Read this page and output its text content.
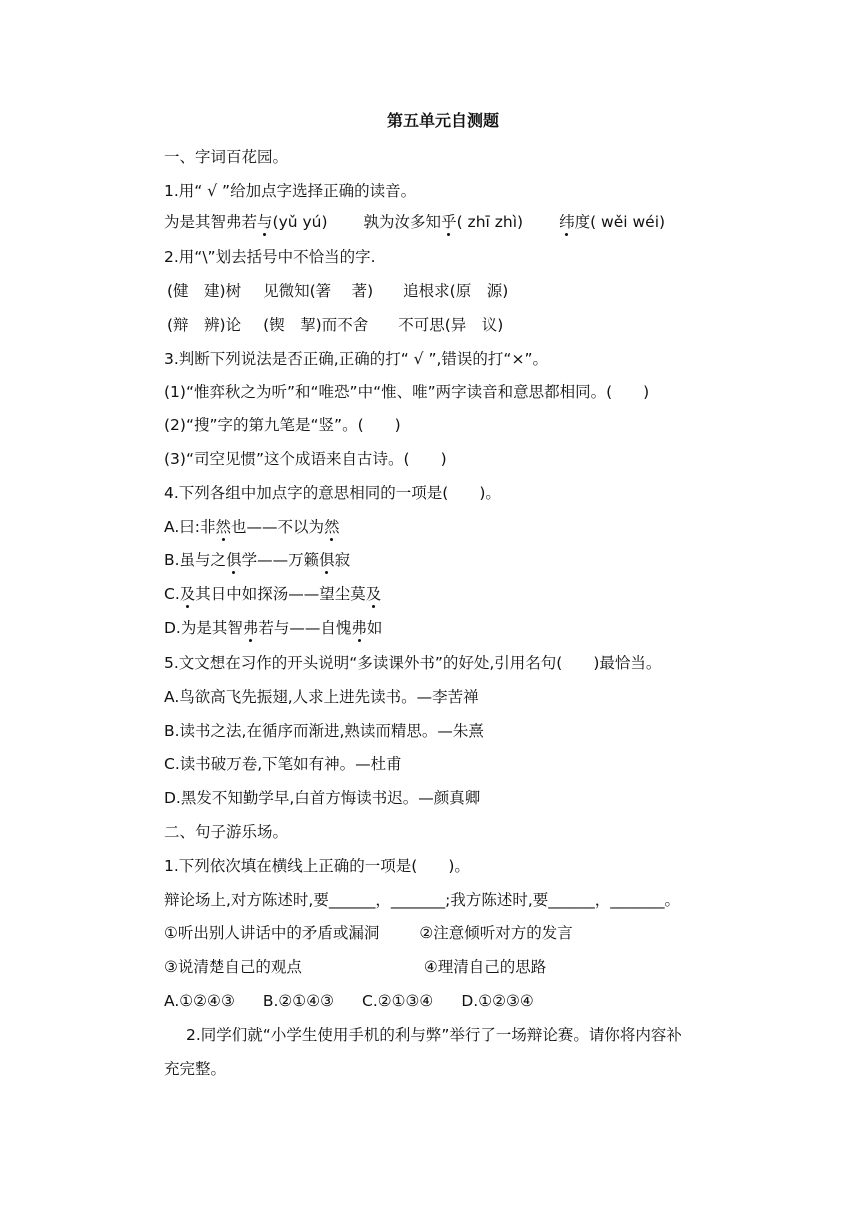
第五单元自测题
一、字词百花园。
1.用“ √ ”给加点字选择正确的读音。
为是其智弗若与(yǔ yú) 孰为汝多知乎( zhī zhì) 纬度( wěi wéi)
2.用“\”划去括号中不恰当的字.
(健　建)树 见微知(箸　 著) 追根求(原　源)
(辩　辨)论 (锲　挈)而不舍 不可思(异　议)
3.判断下列说法是否正确,正确的打“ √ ”,错误的打“×”。
(1)“惟弈秋之为听”和“唯恐”中“惟、唯”两字读音和意思都相同。(　　)
(2)“搜”字的第九笔是“竖”。(　　)
(3)“司空见惯”这个成语来自古诗。(　　)
4.下列各组中加点字的意思相同的一项是(　　)。
A.曰:非然也——不以为然
B.虽与之俱学——万籁俱寂
C.及其日中如探汤——望尘莫及
D.为是其智弗若与——自愧弗如
5.文文想在习作的开头说明“多读课外书”的好处,引用名句(　　)最恰当。
A.鸟欲高飞先振翅,人求上进先读书。—李苦禅
B.读书之法,在循序而渐进,熟读而精思。—朱熹
C.读书破万卷,下笔如有神。—杜甫
D.黑发不知勤学早,白首方悔读书迟。—颜真卿
二、句子游乐场。
1.下列依次填在横线上正确的一项是(　　)。
辩论场上,对方陈述时,要______，_______;我方陈述时,要______，_______。
①听出别人讲话中的矛盾或漏洞	②注意倾听对方的发言
③说清楚自己的观点	④理清自己的思路
A.①②④③ B.②①④③ C.②①③④ D.①②③④
2.同学们就“小学生使用手机的利与弊”举行了一场辩论赛。请你将内容补
充完整。
